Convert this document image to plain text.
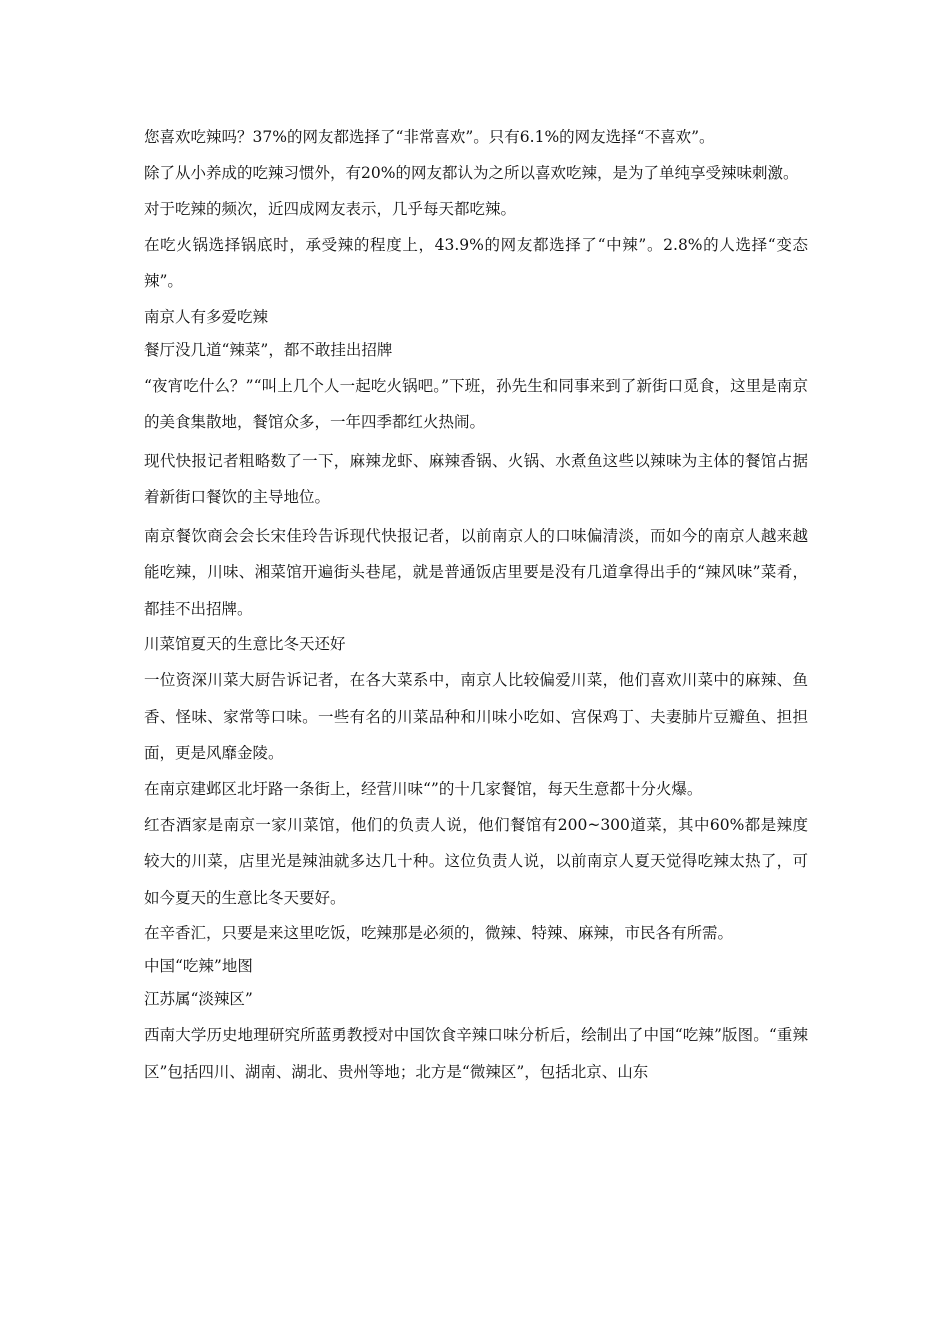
您喜欢吃辣吗？37%的网友都选择了“非常喜欢”。只有6.1%的网友选择“不喜欢”。

除了从小养成的吃辣习惯外，有20%的网友都认为之所以喜欢吃辣，是为了单纯享受辣味刺激。

对于吃辣的频次，近四成网友表示，几乎每天都吃辣。

在吃火锅选择锅底时，承受辣的程度上，43.9%的网友都选择了“中辣”。2.8%的人选择“变态辣”。

南京人有多爱吃辣

餐厅没几道“辣菜”，都不敢挂出招牌

“夜宵吃什么？”“叫上几个人一起吃火锅吧。”下班，孙先生和同事来到了新街口觅食，这里是南京的美食集散地，餐馆众多，一年四季都红火热闹。

现代快报记者粗略数了一下，麻辣龙虾、麻辣香锅、火锅、水煮鱼这些以辣味为主体的餐馆占据着新街口餐饮的主导地位。

南京餐饮商会会长宋佳玲告诉现代快报记者，以前南京人的口味偏清淡，而如今的南京人越来越能吃辣，川味、湘菜馆开遍街头巷尾，就是普通饭店里要是没有几道拿得出手的“辣风味”菜肴，都挂不出招牌。

川菜馆夏天的生意比冬天还好

一位资深川菜大厨告诉记者，在各大菜系中，南京人比较偏爱川菜，他们喜欢川菜中的麻辣、鱼香、怪味、家常等口味。一些有名的川菜品种和川味小吃如、宫保鸡丁、夫妻肺片豆瓣鱼、担担面，更是风靡金陵。

在南京建邺区北圩路一条街上，经营川味“”的十几家餐馆，每天生意都十分火爆。

红杏酒家是南京一家川菜馆，他们的负责人说，他们餐馆有200~300道菜，其中60%都是辣度较大的川菜，店里光是辣油就多达几十种。这位负责人说，以前南京人夏天觉得吃辣太热了，可如今夏天的生意比冬天要好。

在辛香汇，只要是来这里吃饭，吃辣那是必须的，微辣、特辣、麻辣，市民各有所需。

中国“吃辣”地图

江苏属“淡辣区”

西南大学历史地理研究所蓝勇教授对中国饮食辛辣口味分析后，绘制出了中国“吃辣”版图。“重辣区”包括四川、湖南、湖北、贵州等地；北方是“微辣区”，包括北京、山东
